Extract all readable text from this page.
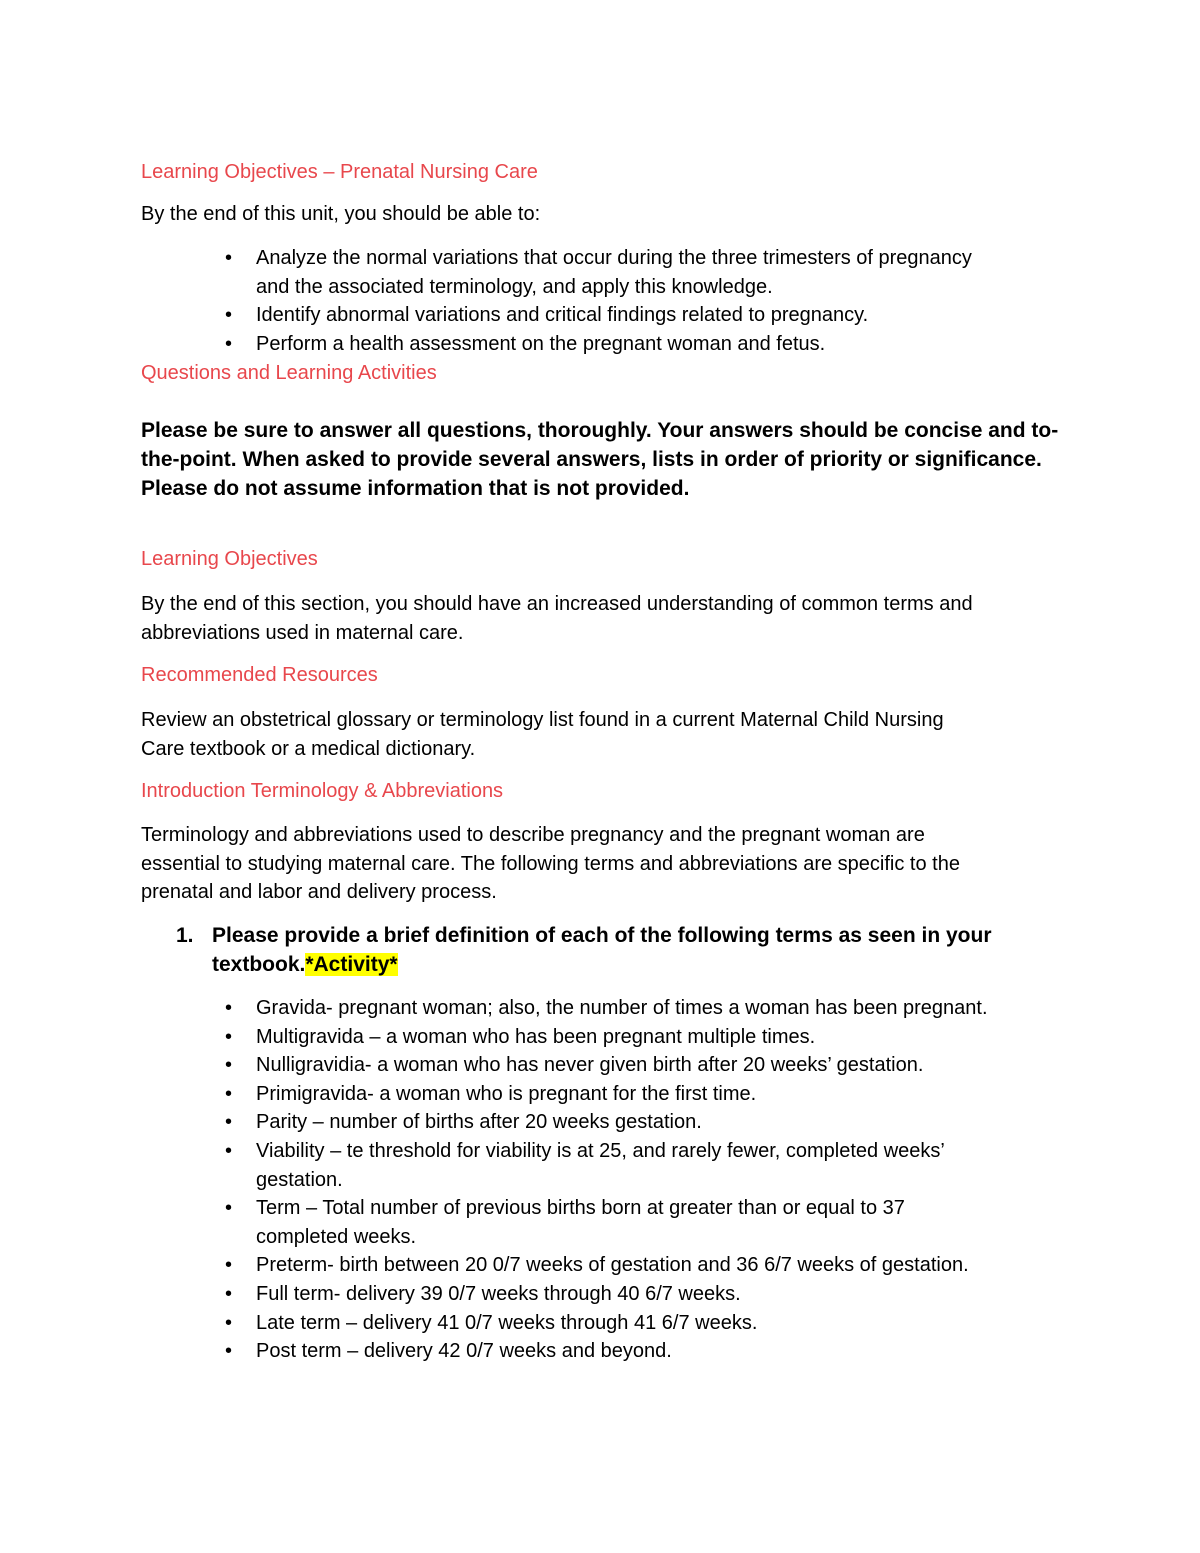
Learning Objectives – Prenatal Nursing Care

By the end of this unit, you should be able to:

•	Analyze the normal variations that occur during the three trimesters of pregnancy
and the associated terminology, and apply this knowledge.
•	Identify abnormal variations and critical findings related to pregnancy.
•	Perform a health assessment on the pregnant woman and fetus.
Questions and Learning Activities

Please be sure to answer all questions, thoroughly. Your answers should be concise and to-

the-point. When asked to provide several answers, lists in order of priority or significance.

Please do not assume information that is not provided.

Learning Objectives

By the end of this section, you should have an increased understanding of common terms and

abbreviations used in maternal care.

Recommended Resources

Review an obstetrical glossary or terminology list found in a current Maternal Child Nursing

Care textbook or a medical dictionary.

Introduction Terminology & Abbreviations

Terminology and abbreviations used to describe pregnancy and the pregnant woman are

essential to studying maternal care. The following terms and abbreviations are specific to the

prenatal and labor and delivery process.

1. Please provide a brief definition of each of the following terms as seen in your
textbook.*Activity*
•	Gravida- pregnant woman; also, the number of times a woman has been pregnant.
•	Multigravida – a woman who has been pregnant multiple times.
•	Nulligravidia- a woman who has never given birth after 20 weeks’ gestation.
•	Primigravida- a woman who is pregnant for the first time.
•	Parity – number of births after 20 weeks gestation.
•	Viability – te threshold for viability is at 25, and rarely fewer, completed weeks’
gestation.
•	Term – Total number of previous births born at greater than or equal to 37
completed weeks.
•	Preterm- birth between 20 0/7 weeks of gestation and 36 6/7 weeks of gestation.
•	Full term- delivery 39 0/7 weeks through 40 6/7 weeks.
•	Late term – delivery 41 0/7 weeks through 41 6/7 weeks.
•	Post term – delivery 42 0/7 weeks and beyond.
